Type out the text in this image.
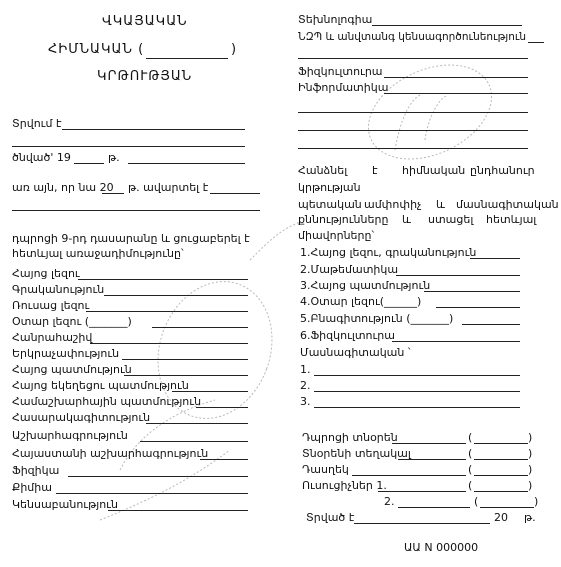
ՎԿԱՅԱԿԱՆ
ՀԻՄՆԱԿԱՆ (	)
ԿՐԹՈՒԹՅԱՆ
Տրվում է
ծնված' 19	թ.
առ այն, որ նա 20 թ. ավարտել է
դպրոցի 9-րդ դասարանը և ցուցաբերել է
հետևյալ առաջադիմությունը՝
Հայոց լեզու
Գրականություն
Ռուսաց լեզու
Օտար լեզու (_______)
Հանրահաշիվ
Երկրաչափություն
Հայոց պատմություն
Հայոց եկեղեցու պատմություն
Համաշխարհային պատմություն
Հասարակագիտություն
Աշխարհագրություն
Հայաստանի աշխարհագրություն
Ֆիզիկա
Քիմիա
Կենսաբանություն
Տեխնոլոգիա
ՆԶՊ և անվտանգ կենսագործունեություն
Ֆիզկուլտուրա
Ինֆորմատիկա
Հանձնել է հիմնական ընդհանուր
կրթության
պետական ամփոփիչ և մասնագիտական
քննությունները և ստացել հետևյալ
միավորները՝
1.Հայոց լեզու, գրականություն
2.Մաթեմատիկա
3.Հայոց պատմություն
4.Օտար լեզու(______)
5.Բնագիտություն (_______)
6.Ֆիզկուլտուրա
Մասնագիտական ՝
1.
2.
3.
Դպրոցի տնօրեն	(	)
Տնօրենի տեղակալ	(	)
Դասղեկ	(	)
Ուսուցիչներ 1.	(	)
2.	(	)
Տրված է	20 թ.
ԱԱ N 000000
